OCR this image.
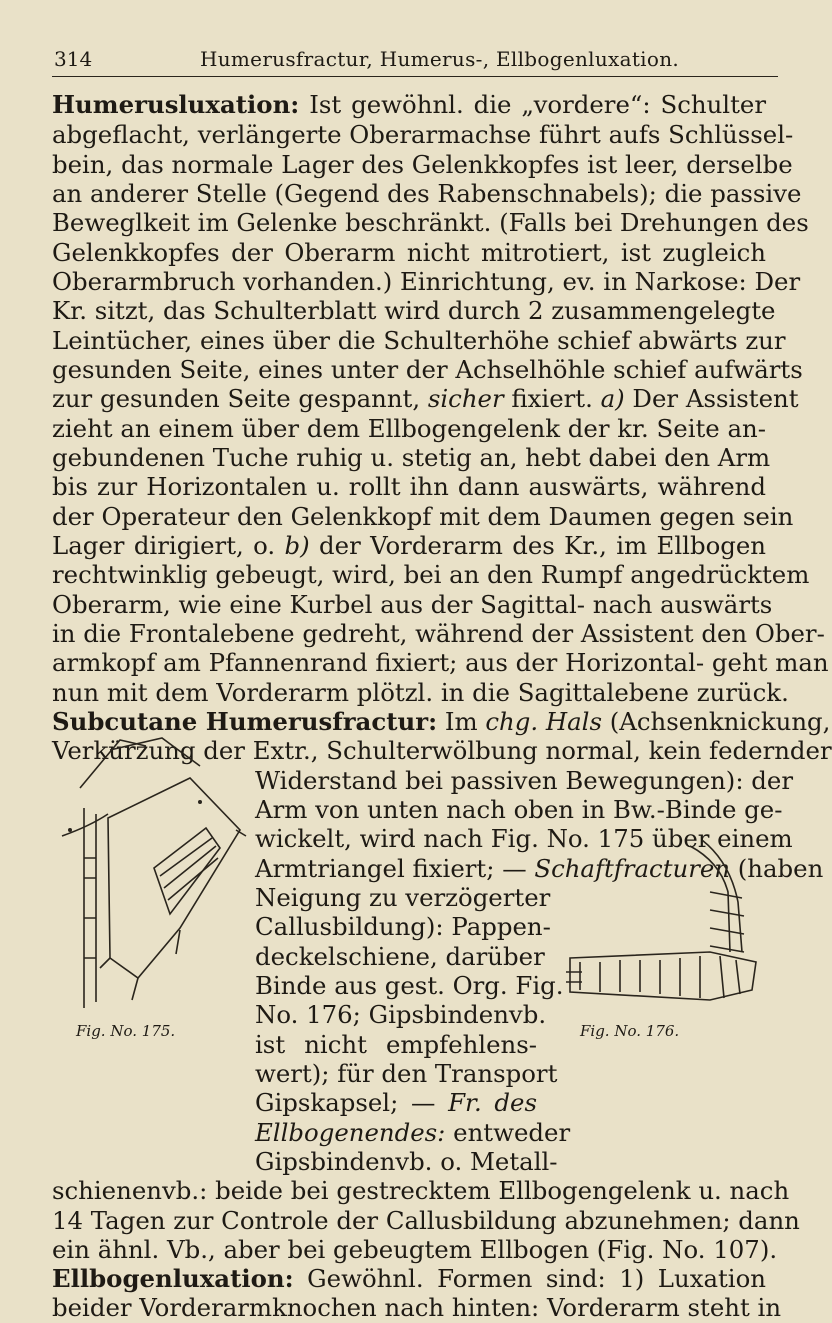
314	Humerusfractur, Humerus-, Ellbogenluxation.
Humerusluxation: Ist gewöhnl. die „vordere“: Schulter
abgeflacht, verlängerte Oberarmachse führt aufs Schlüssel-
bein, das normale Lager des Gelenkkopfes ist leer, derselbe
an anderer Stelle (Gegend des Rabenschnabels); die passive
Beweglkeit im Gelenke beschränkt. (Falls bei Drehungen des
Gelenkkopfes der Oberarm nicht mitrotiert, ist zugleich
Oberarmbruch vorhanden.) Einrichtung, ev. in Narkose: Der
Kr. sitzt, das Schulterblatt wird durch 2 zusammengelegte
Leintücher, eines über die Schulterhöhe schief abwärts zur
gesunden Seite, eines unter der Achselhöhle schief aufwärts
zur gesunden Seite gespannt, sicher fixiert. a) Der Assistent
zieht an einem über dem Ellbogengelenk der kr. Seite an-
gebundenen Tuche ruhig u. stetig an, hebt dabei den Arm
bis zur Horizontalen u. rollt ihn dann auswärts, während
der Operateur den Gelenkkopf mit dem Daumen gegen sein
Lager dirigiert, o. b) der Vorderarm des Kr., im Ellbogen
rechtwinklig gebeugt, wird, bei an den Rumpf angedrücktem
Oberarm, wie eine Kurbel aus der Sagittal- nach auswärts
in die Frontalebene gedreht, während der Assistent den Ober-
armkopf am Pfannenrand fixiert; aus der Horizontal- geht man
nun mit dem Vorderarm plötzl. in die Sagittalebene zurück.
Subcutane Humerusfractur: Im chg. Hals (Achsenknickung,
Verkürzung der Extr., Schulterwölbung normal, kein federnder
Widerstand bei passiven Bewegungen): der
Arm von unten nach oben in Bw.-Binde ge-
wickelt, wird nach Fig. No. 175 über einem
Armtriangel fixiert; — Schaftfracturen (haben
Neigung zu verzögerter
Callusbildung): Pappen-
deckelschiene, darüber
Binde aus gest. Org. Fig.
No. 176; Gipsbindenvb.
ist nicht empfehlens-
wert); für den Transport
Gipskapsel; — Fr. des
Ellbogenendes: entweder
Gipsbindenvb. o. Metall-
schienenvb.: beide bei gestrecktem Ellbogengelenk u. nach
14 Tagen zur Controle der Callusbildung abzunehmen; dann
ein ähnl. Vb., aber bei gebeugtem Ellbogen (Fig. No. 107).
Ellbogenluxation: Gewöhnl. Formen sind: 1) Luxation
beider Vorderarmknochen nach hinten: Vorderarm steht in
Fig. No. 175.	Fig. No. 176.
